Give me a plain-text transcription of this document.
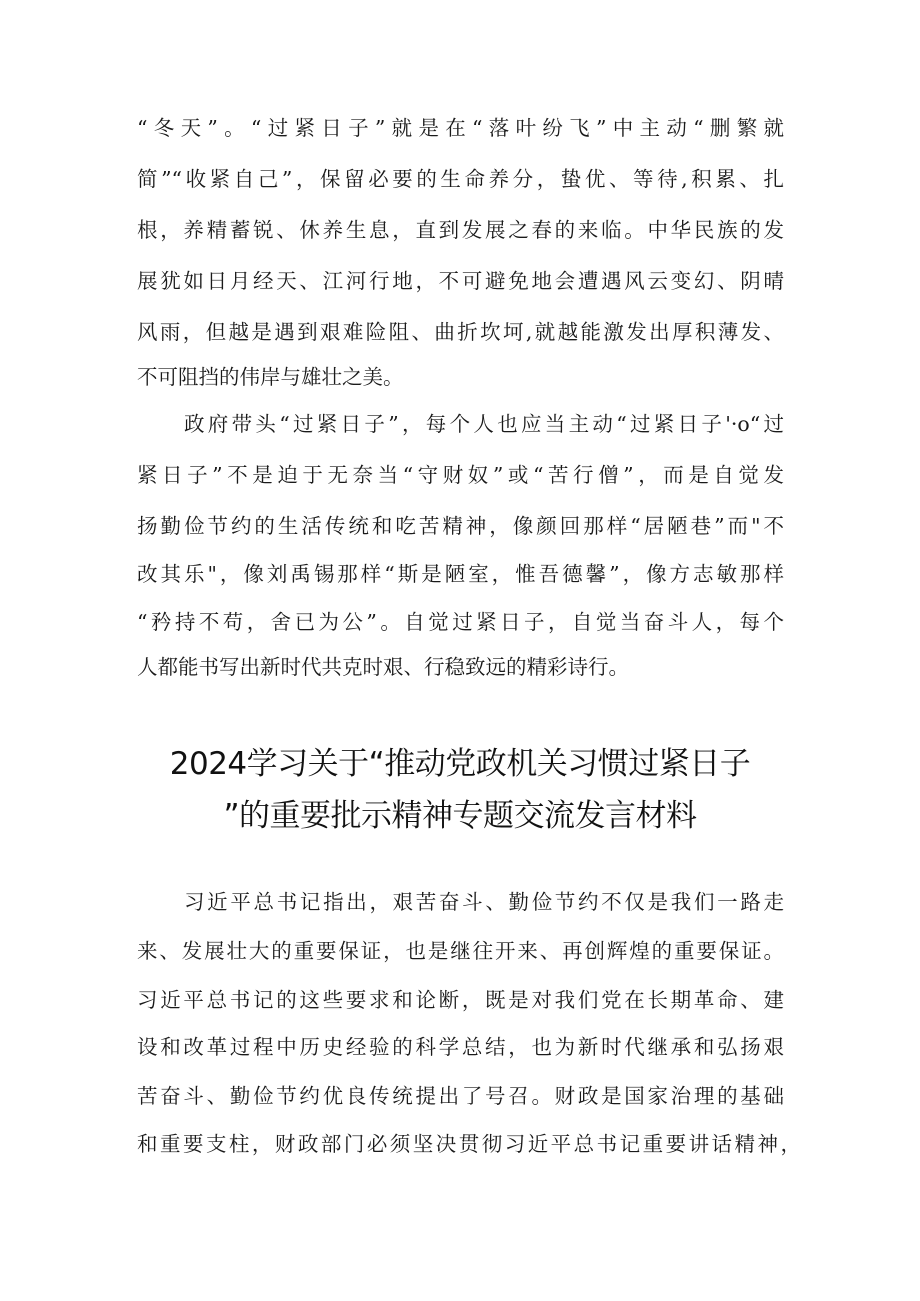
“冬天”。“过紧日子”就是在“落叶纷飞”中主动“删繁就
简”“收紧自己”，保留必要的生命养分，蛰优、等待,积累、扎
根，养精蓄锐、休养生息，直到发展之春的来临。中华民族的发
展犹如日月经天、江河行地，不可避免地会遭遇风云变幻、阴晴
风雨，但越是遇到艰难险阻、曲折坎坷,就越能激发出厚积薄发、
不可阻挡的伟岸与雄壮之美。
政府带头“过紧日子”，每个人也应当主动“过紧日子'·o“过
紧日子”不是迫于无奈当“守财奴”或“苦行僧”，而是自觉发
扬勤俭节约的生活传统和吃苦精神，像颜回那样“居陋巷”而"不
改其乐"，像刘禹锡那样“斯是陋室，惟吾德馨”，像方志敏那样
“矜持不苟，舍已为公”。自觉过紧日子，自觉当奋斗人，每个
人都能书写出新时代共克时艰、行稳致远的精彩诗行。
2024学习关于“推动党政机关习惯过紧日子
”的重要批示精神专题交流发言材料
习近平总书记指出，艰苦奋斗、勤俭节约不仅是我们一路走
来、发展壮大的重要保证，也是继往开来、再创辉煌的重要保证。
习近平总书记的这些要求和论断，既是对我们党在长期革命、建
设和改革过程中历史经验的科学总结，也为新时代继承和弘扬艰
苦奋斗、勤俭节约优良传统提出了号召。财政是国家治理的基础
和重要支柱，财政部门必须坚决贯彻习近平总书记重要讲话精神，
